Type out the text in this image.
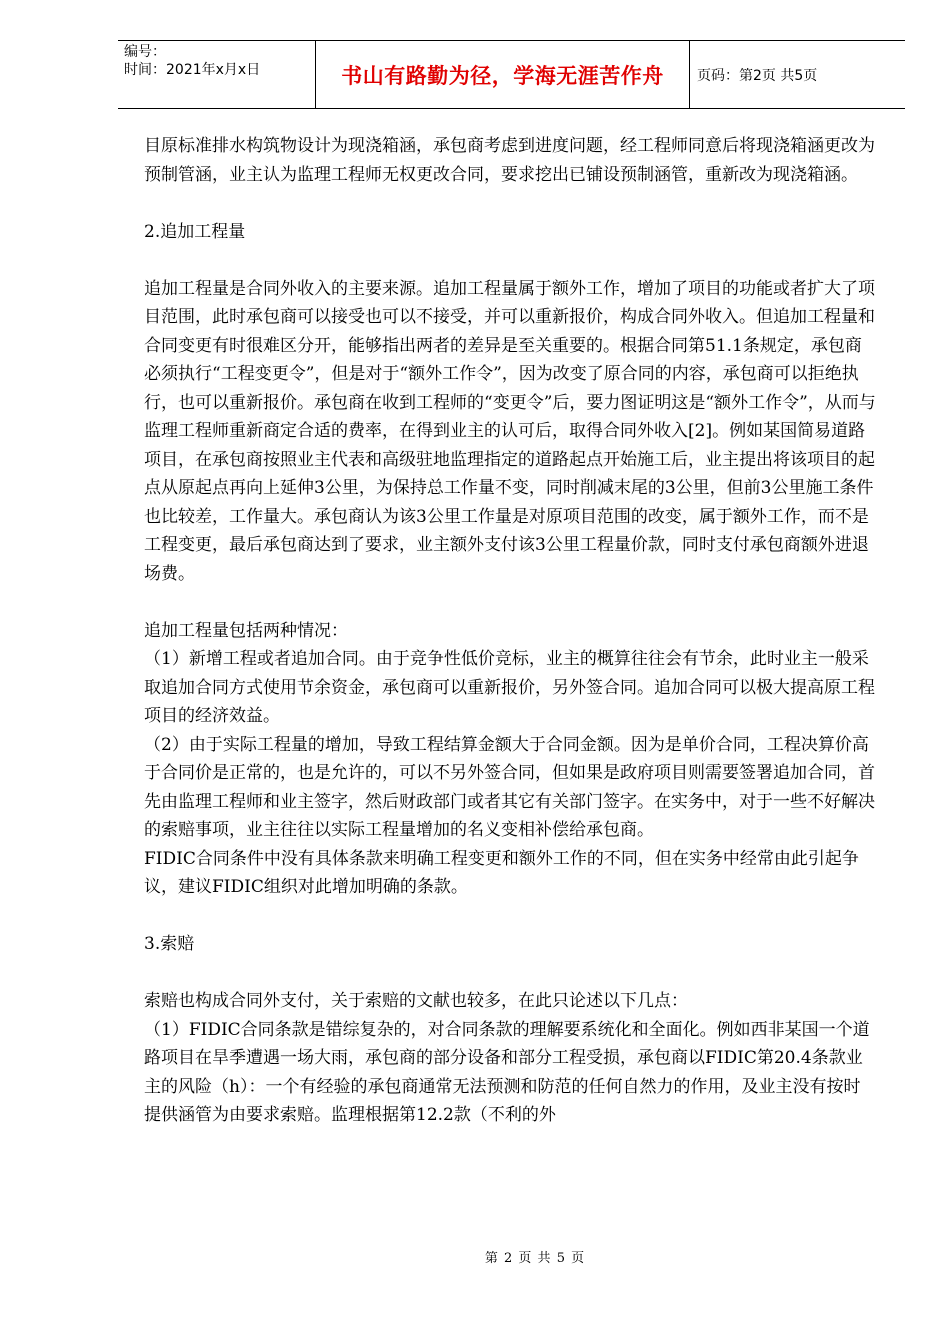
编号：
时间：2021年x月x日	书山有路勤为径，学海无涯苦作舟 页码：第2页 共5页

目原标准排水构筑物设计为现浇箱涵，承包商考虑到进度问题，经工程师同意后将现浇箱涵更改为预制管涵，业主认为监理工程师无权更改合同，要求挖出已铺设预制涵管，重新改为现浇箱涵。

2.追加工程量

追加工程量是合同外收入的主要来源。追加工程量属于额外工作，增加了项目的功能或者扩大了项目范围，此时承包商可以接受也可以不接受，并可以重新报价，构成合同外收入。但追加工程量和合同变更有时很难区分开，能够指出两者的差异是至关重要的。根据合同第51.1条规定，承包商必须执行“工程变更令”，但是对于“额外工作令”，因为改变了原合同的内容，承包商可以拒绝执行，也可以重新报价。承包商在收到工程师的“变更令”后，要力图证明这是“额外工作令”，从而与监理工程师重新商定合适的费率，在得到业主的认可后，取得合同外收入[2]。例如某国简易道路项目，在承包商按照业主代表和高级驻地监理指定的道路起点开始施工后，业主提出将该项目的起点从原起点再向上延伸3公里，为保持总工作量不变，同时削减末尾的3公里，但前3公里施工条件也比较差，工作量大。承包商认为该3公里工作量是对原项目范围的改变，属于额外工作，而不是工程变更，最后承包商达到了要求，业主额外支付该3公里工程量价款，同时支付承包商额外进退场费。

追加工程量包括两种情况：

（1）新增工程或者追加合同。由于竞争性低价竞标，业主的概算往往会有节余，此时业主一般采取追加合同方式使用节余资金，承包商可以重新报价，另外签合同。追加合同可以极大提高原工程项目的经济效益。

（2）由于实际工程量的增加，导致工程结算金额大于合同金额。因为是单价合同，工程决算价高于合同价是正常的，也是允许的，可以不另外签合同，但如果是政府项目则需要签署追加合同，首先由监理工程师和业主签字，然后财政部门或者其它有关部门签字。在实务中，对于一些不好解决的索赔事项，业主往往以实际工程量增加的名义变相补偿给承包商。

FIDIC合同条件中没有具体条款来明确工程变更和额外工作的不同，但在实务中经常由此引起争议，建议FIDIC组织对此增加明确的条款。

3.索赔

索赔也构成合同外支付，关于索赔的文献也较多，在此只论述以下几点：

（1）FIDIC合同条款是错综复杂的，对合同条款的理解要系统化和全面化。例如西非某国一个道路项目在旱季遭遇一场大雨，承包商的部分设备和部分工程受损，承包商以FIDIC第20.4条款业主的风险（h）：一个有经验的承包商通常无法预测和防范的任何自然力的作用，及业主没有按时提供涵管为由要求索赔。监理根据第12.2款（不利的外

第 2 页 共 5 页
